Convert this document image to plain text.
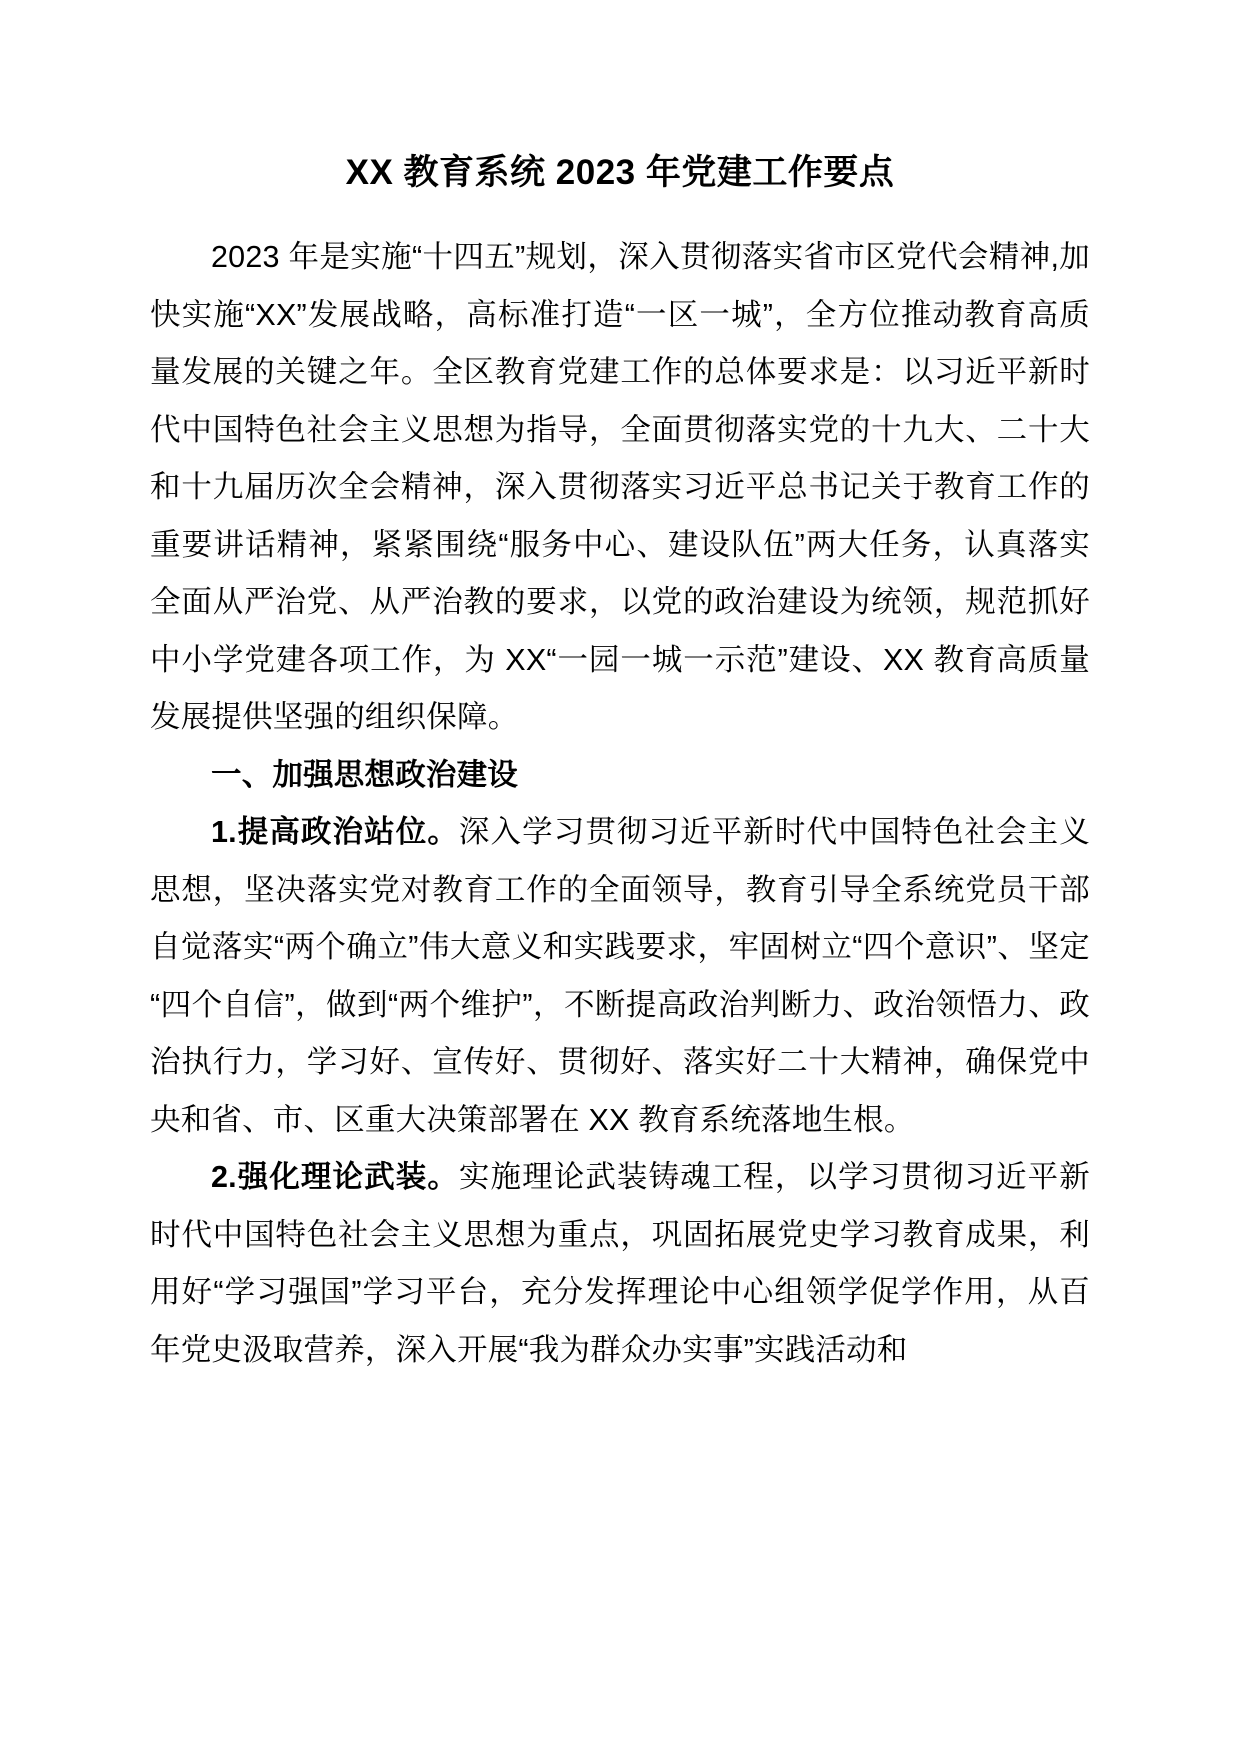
XX 教育系统 2023 年党建工作要点

2023 年是实施“十四五”规划，深入贯彻落实省市区党代会精神,加快实施“XX”发展战略，高标准打造“一区一城”，全方位推动教育高质量发展的关键之年。全区教育党建工作的总体要求是：以习近平新时代中国特色社会主义思想为指导，全面贯彻落实党的十九大、二十大和十九届历次全会精神，深入贯彻落实习近平总书记关于教育工作的重要讲话精神，紧紧围绕“服务中心、建设队伍”两大任务，认真落实全面从严治党、从严治教的要求，以党的政治建设为统领，规范抓好中小学党建各项工作，为 XX“一园一城一示范”建设、XX 教育高质量发展提供坚强的组织保障。

一、加强思想政治建设

1.提高政治站位。深入学习贯彻习近平新时代中国特色社会主义思想，坚决落实党对教育工作的全面领导，教育引导全系统党员干部自觉落实“两个确立”伟大意义和实践要求，牢固树立“四个意识”、坚定“四个自信”，做到“两个维护”，不断提高政治判断力、政治领悟力、政治执行力，学习好、宣传好、贯彻好、落实好二十大精神，确保党中央和省、市、区重大决策部署在 XX 教育系统落地生根。

2.强化理论武装。实施理论武装铸魂工程，以学习贯彻习近平新时代中国特色社会主义思想为重点，巩固拓展党史学习教育成果，利用好“学习强国”学习平台，充分发挥理论中心组领学促学作用，从百年党史汲取营养，深入开展“我为群众办实事”实践活动和
